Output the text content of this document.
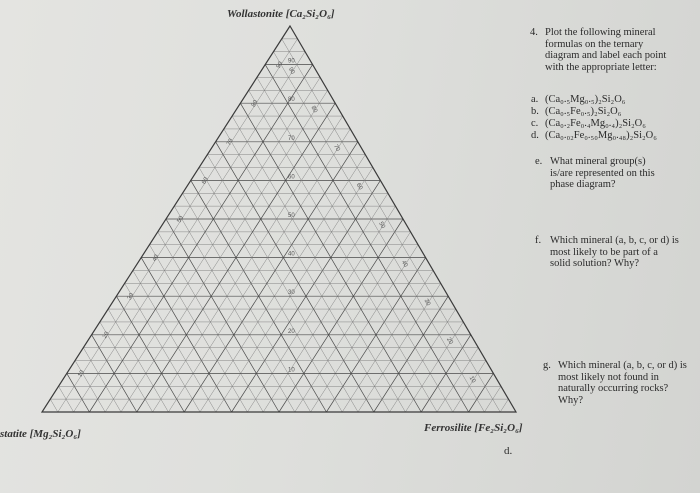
10
10
10
20
20
20
30
30
30
40
40
40
50
50
50
60
60
60
70
70
70
80
80
80
90
90
90
Wollastonite [Ca₂Si₂O₆]
statite [Mg₂Si₂O₆]	Ferrosilite [Fe₂Si₂O₆]
4. Plot the following mineral
formulas on the ternary
diagram and label each point
with the appropriate letter:
a. (Ca₀.₅Mg₀.₅)₂Si₂O₆
b. (Ca₀.₅Fe₀.₅)₂Si₂O₆
c. (Ca₀.₂Fe₀.₄Mg₀.₄)₂Si₂O₆
d. (Ca₀.₀₂Fe₀.₅₀Mg₀.₄₈)₂Si₂O₆
e. What mineral group(s)
is/are represented on this
phase diagram?
f. Which mineral (a, b, c, or d) is
most likely to be part of a
solid solution? Why?
g. Which mineral (a, b, c, or d) is
most likely not found in
naturally occurring rocks?
Why?
d.
